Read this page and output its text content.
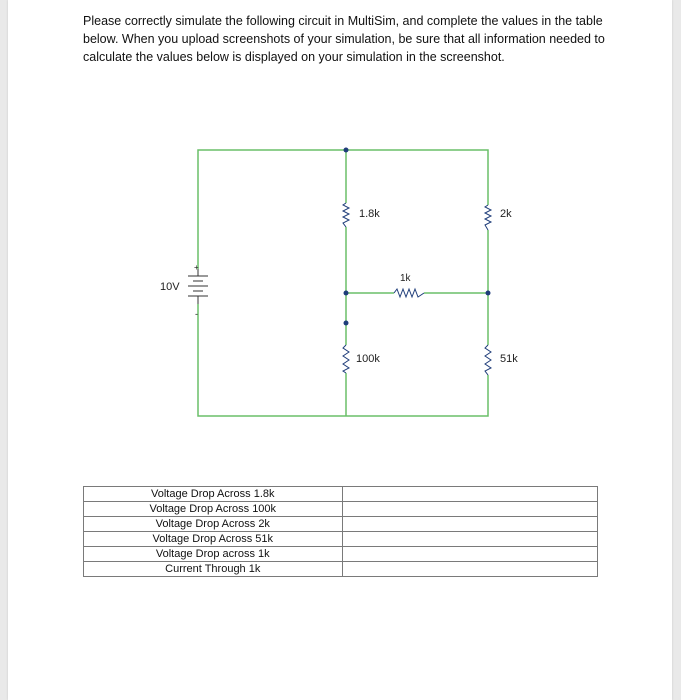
Please correctly simulate the following circuit in MultiSim, and complete the values in the table below. When you upload screenshots of your simulation, be sure that all information needed to calculate the values below is displayed on your simulation in the screenshot.
+
-
10V
1.8k	2k
1k
100k	51k
Voltage Drop Across 1.8k	
Voltage Drop Across 100k	
Voltage Drop Across 2k	
Voltage Drop Across 51k	
Voltage Drop across 1k	
Current Through 1k	
